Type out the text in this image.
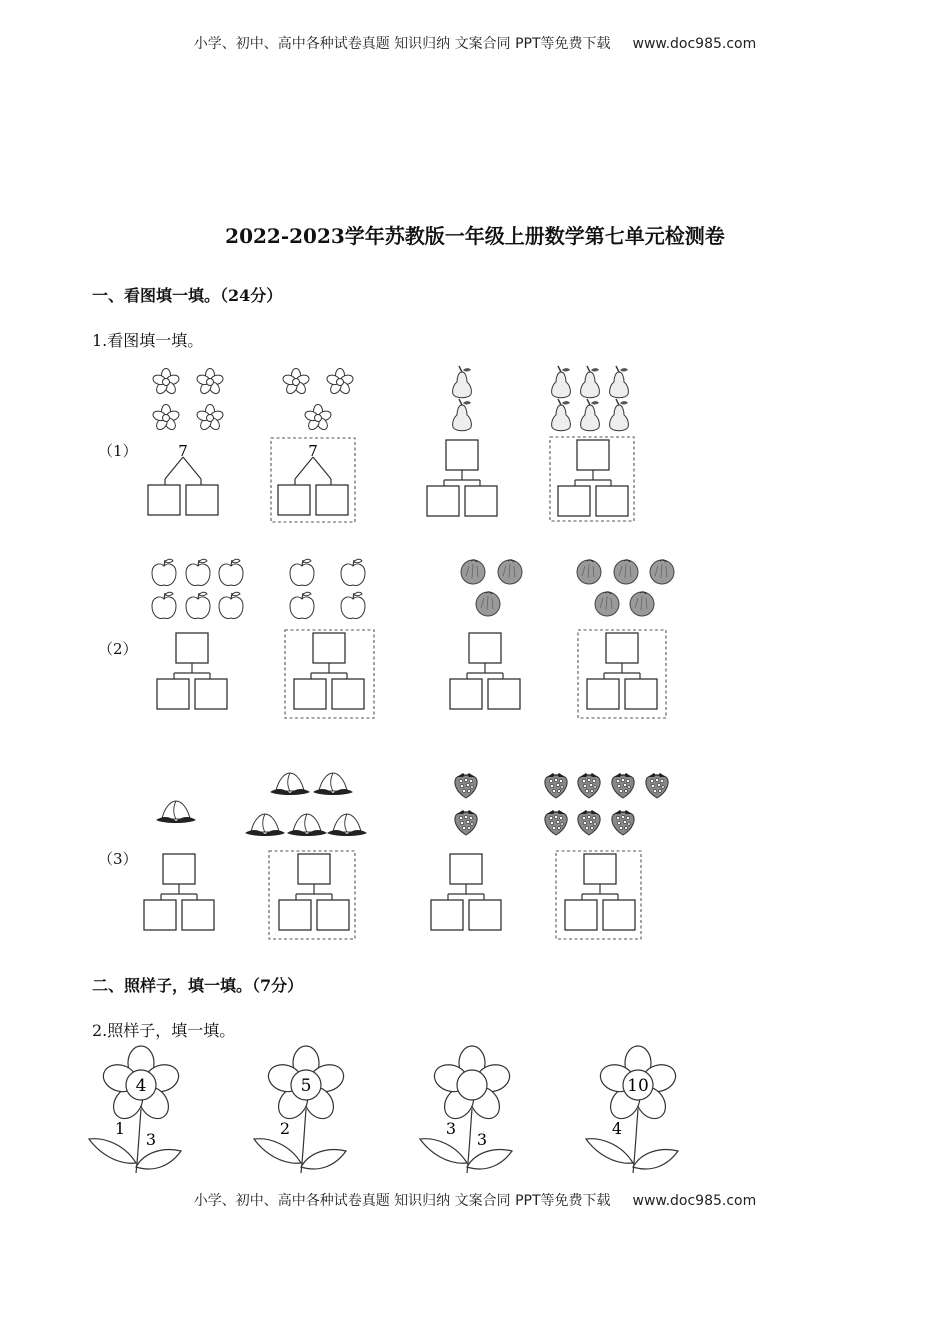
小学、初中、高中各种试卷真题 知识归纳 文案合同 PPT等免费下载 www.doc985.com
2022-2023学年苏教版一年级上册数学第七单元检测卷
一、看图填一填。（24分）
1.看图填一填。
（1）
（2）
（3）
二、照样子，填一填。（7分）
2.照样子，填一填。
7	7
4
1
3
5
2	3
3
10
4
小学、初中、高中各种试卷真题 知识归纳 文案合同 PPT等免费下载 www.doc985.com
